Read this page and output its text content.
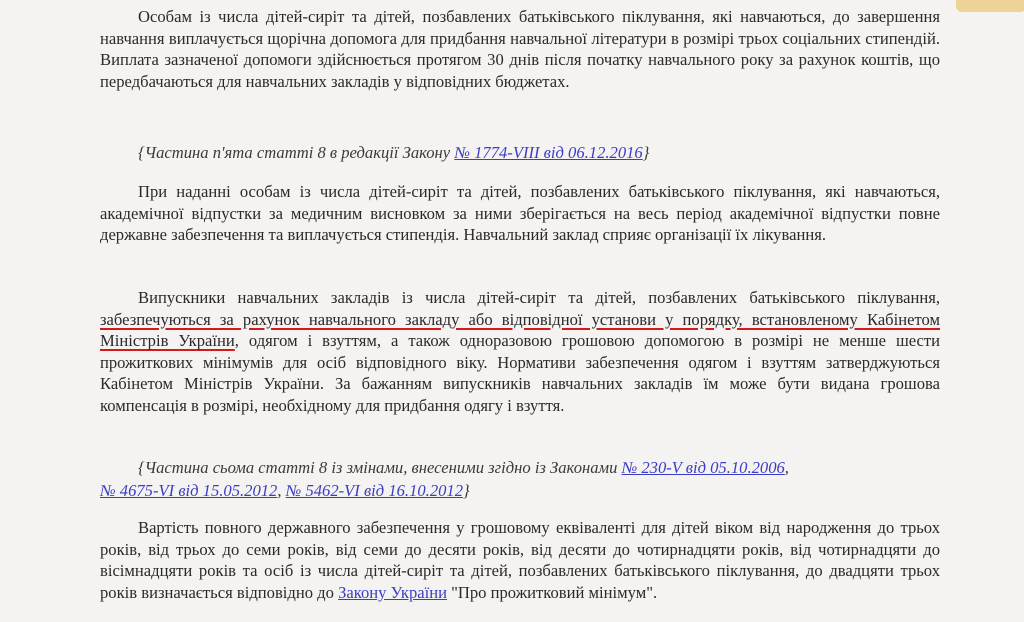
Особам із числа дітей-сиріт та дітей, позбавлених батьківського піклування, які навчаються, до завершення навчання виплачується щорічна допомога для придбання навчальної літератури в розмірі трьох соціальних стипендій. Виплата зазначеної допомоги здійснюється протягом 30 днів після початку навчального року за рахунок коштів, що передбачаються для навчальних закладів у відповідних бюджетах.

{Частина п'ята статті 8 в редакції Закону № 1774-VIII від 06.12.2016}

При наданні особам із числа дітей-сиріт та дітей, позбавлених батьківського піклування, які навчаються, академічної відпустки за медичним висновком за ними зберігається на весь період академічної відпустки повне державне забезпечення та виплачується стипендія. Навчальний заклад сприяє організації їх лікування.

Випускники навчальних закладів із числа дітей-сиріт та дітей, позбавлених батьківського піклування, забезпечуються за рахунок навчального закладу або відповідної установи у порядку, встановленому Кабінетом Міністрів України, одягом і взуттям, а також одноразовою грошовою допомогою в розмірі не менше шести прожиткових мінімумів для осіб відповідного віку. Нормативи забезпечення одягом і взуттям затверджуються Кабінетом Міністрів України. За бажанням випускників навчальних закладів їм може бути видана грошова компенсація в розмірі, необхідному для придбання одягу і взуття.

{Частина сьома статті 8 із змінами, внесеними згідно із Законами № 230-V від 05.10.2006,
№ 4675-VI від 15.05.2012, № 5462-VI від 16.10.2012}

Вартість повного державного забезпечення у грошовому еквіваленті для дітей віком від народження до трьох років, від трьох до семи років, від семи до десяти років, від десяти до чотирнадцяти років, від чотирнадцяти до вісімнадцяти років та осіб із числа дітей-сиріт та дітей, позбавлених батьківського піклування, до двадцяти трьох років визначається відповідно до Закону України "Про прожитковий мінімум".
